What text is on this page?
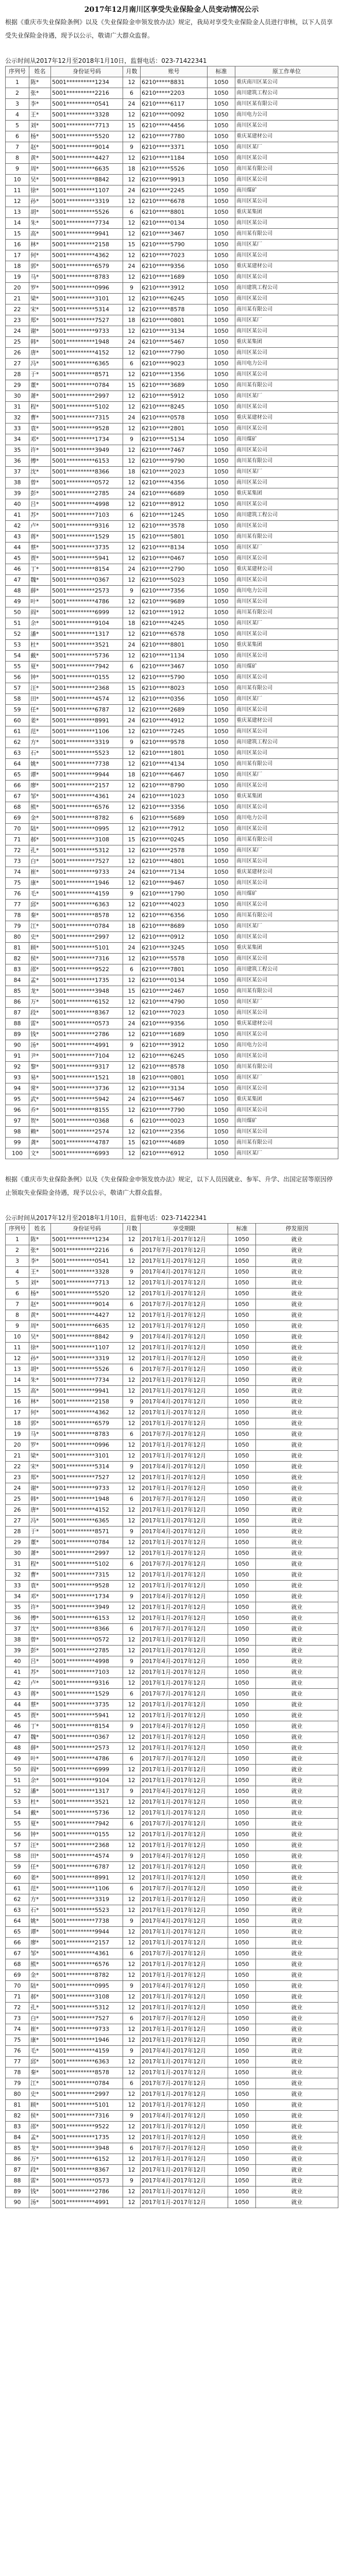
2017年12月南川区享受失业保险金人员变动情况公示
根据《重庆市失业保险条例》以及《失业保险金申领发放办法》规定，我局对享受失业保险金人员进行审核，以下人员享受失业保险金待遇，现予以公示，敬请广大群众监督。
公示时间从2017年12月至2018年1月10日，监督电话：023-71422341
序列号	姓名	身份证号码	月数	账号	标准	原工作单位
1	陈*	5001**********1234	12	6210*****8831	1050	重庆南川区某公司
2	张*	5001**********2216	6	6210*****2203	1050	南川建筑工程公司
3	李*	5001**********0541	24	6210*****6117	1050	南川区某有限公司
4	王*	5001**********3328	12	6210*****0092	1050	南川电力公司
5	刘*	5001**********7713	15	6210*****4456	1050	南川区某公司
6	杨*	5001**********5520	12	6210*****7780	1050	重庆某建材公司
7	赵*	5001**********9014	9	6210*****3371	1050	南川区某厂
8	黄*	5001**********4427	12	6210*****1184	1050	南川区某公司
9	周*	5001**********6635	18	6210*****5526	1050	南川某有限公司
10	吴*	5001**********8842	12	6210*****9913	1050	南川区某公司
11	徐*	5001**********1107	24	6210*****2245	1050	南川煤矿
12	孙*	5001**********3319	12	6210*****6678	1050	南川区某公司
13	胡*	5001**********5526	6	6210*****8801	1050	重庆某集团
14	朱*	5001**********7734	12	6210*****0134	1050	南川区某公司
15	高*	5001**********9941	12	6210*****3467	1050	南川某有限公司
16	林*	5001**********2158	15	6210*****5790	1050	南川区某厂
17	何*	5001**********4362	12	6210*****7023	1050	南川区某公司
18	郭*	5001**********6579	24	6210*****9356	1050	重庆某建材公司
19	马*	5001**********8783	12	6210*****1689	1050	南川区某公司
20	罗*	5001**********0996	9	6210*****3912	1050	南川建筑工程公司
21	梁*	5001**********3101	12	6210*****6245	1050	南川区某公司
22	宋*	5001**********5314	12	6210*****8578	1050	南川某有限公司
23	郑*	5001**********7527	18	6210*****0801	1050	南川区某厂
24	谢*	5001**********9733	12	6210*****3134	1050	南川区某公司
25	韩*	5001**********1948	24	6210*****5467	1050	重庆某集团
26	唐*	5001**********4152	12	6210*****7790	1050	南川区某公司
27	冯*	5001**********6365	6	6210*****9023	1050	南川电力公司
28	于*	5001**********8571	12	6210*****1356	1050	南川区某公司
29	董*	5001**********0784	15	6210*****3689	1050	南川某有限公司
30	萧*	5001**********2997	12	6210*****5912	1050	南川区某厂
31	程*	5001**********5102	12	6210*****8245	1050	南川区某公司
32	曹*	5001**********7315	24	6210*****0578	1050	重庆某建材公司
33	袁*	5001**********9528	12	6210*****2801	1050	南川区某公司
34	邓*	5001**********1734	9	6210*****5134	1050	南川煤矿
35	许*	5001**********3949	12	6210*****7467	1050	南川区某公司
36	傅*	5001**********6153	12	6210*****9790	1050	南川某有限公司
37	沈*	5001**********8366	18	6210*****2023	1050	南川区某厂
38	曾*	5001**********0572	12	6210*****4356	1050	南川区某公司
39	彭*	5001**********2785	24	6210*****6689	1050	重庆某集团
40	吕*	5001**********4998	12	6210*****8912	1050	南川区某公司
41	苏*	5001**********7103	6	6210*****1245	1050	南川建筑工程公司
42	卢*	5001**********9316	12	6210*****3578	1050	南川区某公司
43	蒋*	5001**********1529	15	6210*****5801	1050	南川某有限公司
44	蔡*	5001**********3735	12	6210*****8134	1050	南川区某厂
45	贾*	5001**********5941	12	6210*****0467	1050	南川区某公司
46	丁*	5001**********8154	24	6210*****2790	1050	重庆某建材公司
47	魏*	5001**********0367	12	6210*****5023	1050	南川区某公司
48	薛*	5001**********2573	9	6210*****7356	1050	南川电力公司
49	叶*	5001**********4786	12	6210*****9689	1050	南川区某公司
50	阎*	5001**********6999	12	6210*****1912	1050	南川某有限公司
51	余*	5001**********9104	18	6210*****4245	1050	南川区某厂
52	潘*	5001**********1317	12	6210*****6578	1050	南川区某公司
53	杜*	5001**********3521	24	6210*****8801	1050	重庆某集团
54	戴*	5001**********5736	12	6210*****1134	1050	南川区某公司
55	夏*	5001**********7942	6	6210*****3467	1050	南川煤矿
56	钟*	5001**********0155	12	6210*****5790	1050	南川区某公司
57	汪*	5001**********2368	15	6210*****8023	1050	南川某有限公司
58	田*	5001**********4574	12	6210*****0356	1050	南川区某厂
59	任*	5001**********6787	12	6210*****2689	1050	南川区某公司
60	姜*	5001**********8991	24	6210*****4912	1050	重庆某建材公司
61	范*	5001**********1106	12	6210*****7245	1050	南川区某公司
62	方*	5001**********3319	9	6210*****9578	1050	南川建筑工程公司
63	石*	5001**********5523	12	6210*****1801	1050	南川区某公司
64	姚*	5001**********7738	12	6210*****4134	1050	南川某有限公司
65	谭*	5001**********9944	18	6210*****6467	1050	南川区某厂
66	廖*	5001**********2157	12	6210*****8790	1050	南川区某公司
67	邹*	5001**********4361	24	6210*****1023	1050	重庆某集团
68	熊*	5001**********6576	12	6210*****3356	1050	南川区某公司
69	金*	5001**********8782	6	6210*****5689	1050	南川电力公司
70	陆*	5001**********0995	12	6210*****7912	1050	南川区某公司
71	郝*	5001**********3108	15	6210*****0245	1050	南川某有限公司
72	孔*	5001**********5312	12	6210*****2578	1050	南川区某厂
73	白*	5001**********7527	12	6210*****4801	1050	南川区某公司
74	崔*	5001**********9733	24	6210*****7134	1050	重庆某建材公司
75	康*	5001**********1946	12	6210*****9467	1050	南川区某公司
76	毛*	5001**********4159	9	6210*****1790	1050	南川煤矿
77	邱*	5001**********6363	12	6210*****4023	1050	南川区某公司
78	秦*	5001**********8578	12	6210*****6356	1050	南川某有限公司
79	江*	5001**********0784	18	6210*****8689	1050	南川区某厂
80	史*	5001**********2997	12	6210*****0912	1050	南川区某公司
81	顾*	5001**********5101	24	6210*****3245	1050	重庆某集团
82	侯*	5001**********7316	12	6210*****5578	1050	南川区某公司
83	邵*	5001**********9522	6	6210*****7801	1050	南川建筑工程公司
84	孟*	5001**********1735	12	6210*****0134	1050	南川区某公司
85	龙*	5001**********3948	15	6210*****2467	1050	南川某有限公司
86	万*	5001**********6152	12	6210*****4790	1050	南川区某厂
87	段*	5001**********8367	12	6210*****7023	1050	南川区某公司
88	雷*	5001**********0573	24	6210*****9356	1050	重庆某建材公司
89	钱*	5001**********2786	12	6210*****1689	1050	南川区某公司
90	汤*	5001**********4991	9	6210*****3912	1050	南川电力公司
91	尹*	5001**********7104	12	6210*****6245	1050	南川区某公司
92	黎*	5001**********9317	12	6210*****8578	1050	南川某有限公司
93	易*	5001**********1521	18	6210*****0801	1050	南川区某厂
94	常*	5001**********3736	12	6210*****3134	1050	南川区某公司
95	武*	5001**********5942	24	6210*****5467	1050	重庆某集团
96	乔*	5001**********8155	12	6210*****7790	1050	南川区某公司
97	贺*	5001**********0368	6	6210*****0023	1050	南川煤矿
98	赖*	5001**********2574	12	6210*****2356	1050	南川区某公司
99	龚*	5001**********4787	15	6210*****4689	1050	南川某有限公司
100	文*	5001**********6993	12	6210*****6912	1050	南川区某厂
根据《重庆市失业保险条例》以及《失业保险金申领发放办法》规定，以下人员因就业、参军、升学、出国定居等原因停止领取失业保险金待遇，现予以公示，敬请广大群众监督。
公示时间从2017年12月至2018年1月10日，监督电话：023-71422341
序列号	姓名	身份证号码	月数	享受期限	标准	停发原因
1	陈*	5001**********1234	12	2017年1月-2017年12月	1050	就业
2	张*	5001**********2216	6	2017年7月-2017年12月	1050	就业
3	李*	5001**********0541	12	2017年1月-2017年12月	1050	就业
4	王*	5001**********3328	9	2017年4月-2017年12月	1050	就业
5	刘*	5001**********7713	12	2017年1月-2017年12月	1050	就业
6	杨*	5001**********5520	12	2017年1月-2017年12月	1050	就业
7	赵*	5001**********9014	6	2017年7月-2017年12月	1050	就业
8	黄*	5001**********4427	12	2017年1月-2017年12月	1050	就业
9	周*	5001**********6635	12	2017年1月-2017年12月	1050	就业
10	吴*	5001**********8842	9	2017年4月-2017年12月	1050	就业
11	徐*	5001**********1107	12	2017年1月-2017年12月	1050	就业
12	孙*	5001**********3319	12	2017年1月-2017年12月	1050	就业
13	胡*	5001**********5526	6	2017年7月-2017年12月	1050	就业
14	朱*	5001**********7734	12	2017年1月-2017年12月	1050	就业
15	高*	5001**********9941	12	2017年1月-2017年12月	1050	就业
16	林*	5001**********2158	9	2017年4月-2017年12月	1050	就业
17	何*	5001**********4362	12	2017年1月-2017年12月	1050	就业
18	郭*	5001**********6579	12	2017年1月-2017年12月	1050	就业
19	马*	5001**********8783	6	2017年7月-2017年12月	1050	就业
20	罗*	5001**********0996	12	2017年1月-2017年12月	1050	就业
21	梁*	5001**********3101	12	2017年1月-2017年12月	1050	就业
22	宋*	5001**********5314	9	2017年4月-2017年12月	1050	就业
23	郑*	5001**********7527	12	2017年1月-2017年12月	1050	就业
24	谢*	5001**********9733	12	2017年1月-2017年12月	1050	就业
25	韩*	5001**********1948	6	2017年7月-2017年12月	1050	就业
26	唐*	5001**********4152	12	2017年1月-2017年12月	1050	就业
27	冯*	5001**********6365	12	2017年1月-2017年12月	1050	就业
28	于*	5001**********8571	9	2017年4月-2017年12月	1050	就业
29	董*	5001**********0784	12	2017年1月-2017年12月	1050	就业
30	萧*	5001**********2997	12	2017年1月-2017年12月	1050	就业
31	程*	5001**********5102	6	2017年7月-2017年12月	1050	就业
32	曹*	5001**********7315	12	2017年1月-2017年12月	1050	就业
33	袁*	5001**********9528	12	2017年1月-2017年12月	1050	就业
34	邓*	5001**********1734	9	2017年4月-2017年12月	1050	就业
35	许*	5001**********3949	12	2017年1月-2017年12月	1050	就业
36	傅*	5001**********6153	12	2017年1月-2017年12月	1050	就业
37	沈*	5001**********8366	6	2017年7月-2017年12月	1050	就业
38	曾*	5001**********0572	12	2017年1月-2017年12月	1050	就业
39	彭*	5001**********2785	12	2017年1月-2017年12月	1050	就业
40	吕*	5001**********4998	9	2017年4月-2017年12月	1050	就业
41	苏*	5001**********7103	12	2017年1月-2017年12月	1050	就业
42	卢*	5001**********9316	12	2017年1月-2017年12月	1050	就业
43	蒋*	5001**********1529	6	2017年7月-2017年12月	1050	就业
44	蔡*	5001**********3735	12	2017年1月-2017年12月	1050	就业
45	贾*	5001**********5941	12	2017年1月-2017年12月	1050	就业
46	丁*	5001**********8154	9	2017年4月-2017年12月	1050	就业
47	魏*	5001**********0367	12	2017年1月-2017年12月	1050	就业
48	薛*	5001**********2573	12	2017年1月-2017年12月	1050	就业
49	叶*	5001**********4786	6	2017年7月-2017年12月	1050	就业
50	阎*	5001**********6999	12	2017年1月-2017年12月	1050	就业
51	余*	5001**********9104	12	2017年1月-2017年12月	1050	就业
52	潘*	5001**********1317	9	2017年4月-2017年12月	1050	就业
53	杜*	5001**********3521	12	2017年1月-2017年12月	1050	就业
54	戴*	5001**********5736	12	2017年1月-2017年12月	1050	就业
55	夏*	5001**********7942	6	2017年7月-2017年12月	1050	就业
56	钟*	5001**********0155	12	2017年1月-2017年12月	1050	就业
57	汪*	5001**********2368	12	2017年1月-2017年12月	1050	就业
58	田*	5001**********4574	9	2017年4月-2017年12月	1050	就业
59	任*	5001**********6787	12	2017年1月-2017年12月	1050	就业
60	姜*	5001**********8991	12	2017年1月-2017年12月	1050	就业
61	范*	5001**********1106	6	2017年7月-2017年12月	1050	就业
62	方*	5001**********3319	12	2017年1月-2017年12月	1050	就业
63	石*	5001**********5523	12	2017年1月-2017年12月	1050	就业
64	姚*	5001**********7738	9	2017年4月-2017年12月	1050	就业
65	谭*	5001**********9944	12	2017年1月-2017年12月	1050	就业
66	廖*	5001**********2157	12	2017年1月-2017年12月	1050	就业
67	邹*	5001**********4361	6	2017年7月-2017年12月	1050	就业
68	熊*	5001**********6576	12	2017年1月-2017年12月	1050	就业
69	金*	5001**********8782	12	2017年1月-2017年12月	1050	就业
70	陆*	5001**********0995	9	2017年4月-2017年12月	1050	就业
71	郝*	5001**********3108	12	2017年1月-2017年12月	1050	就业
72	孔*	5001**********5312	12	2017年1月-2017年12月	1050	就业
73	白*	5001**********7527	6	2017年7月-2017年12月	1050	就业
74	崔*	5001**********9733	12	2017年1月-2017年12月	1050	就业
75	康*	5001**********1946	12	2017年1月-2017年12月	1050	就业
76	毛*	5001**********4159	9	2017年4月-2017年12月	1050	就业
77	邱*	5001**********6363	12	2017年1月-2017年12月	1050	就业
78	秦*	5001**********8578	12	2017年1月-2017年12月	1050	就业
79	江*	5001**********0784	6	2017年7月-2017年12月	1050	就业
80	史*	5001**********2997	12	2017年1月-2017年12月	1050	就业
81	顾*	5001**********5101	12	2017年1月-2017年12月	1050	就业
82	侯*	5001**********7316	9	2017年4月-2017年12月	1050	就业
83	邵*	5001**********9522	12	2017年1月-2017年12月	1050	就业
84	孟*	5001**********1735	12	2017年1月-2017年12月	1050	就业
85	龙*	5001**********3948	6	2017年7月-2017年12月	1050	就业
86	万*	5001**********6152	12	2017年1月-2017年12月	1050	就业
87	段*	5001**********8367	12	2017年1月-2017年12月	1050	就业
88	雷*	5001**********0573	9	2017年4月-2017年12月	1050	就业
89	钱*	5001**********2786	12	2017年1月-2017年12月	1050	就业
90	汤*	5001**********4991	12	2017年1月-2017年12月	1050	就业
